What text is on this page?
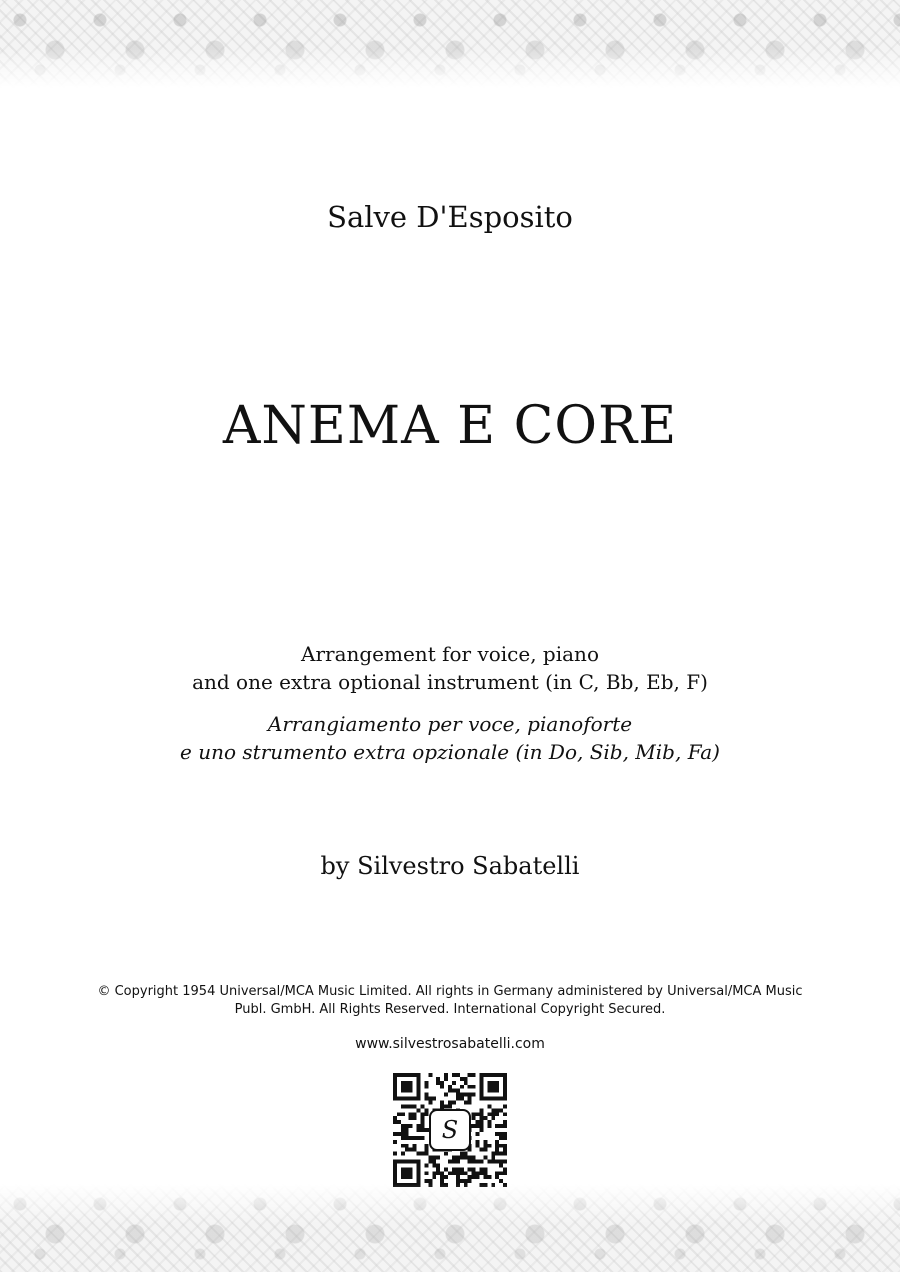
Salve D'Esposito
ANEMA E CORE
Arrangement for voice, piano
and one extra optional instrument (in C, Bb, Eb, F)
Arrangiamento per voce, pianoforte
e uno strumento extra opzionale (in Do, Sib, Mib, Fa)
by Silvestro Sabatelli
© Copyright 1954 Universal/MCA Music Limited. All rights in Germany administered by Universal/MCA Music
Publ. GmbH. All Rights Reserved. International Copyright Secured.
www.silvestrosabatelli.com
S
